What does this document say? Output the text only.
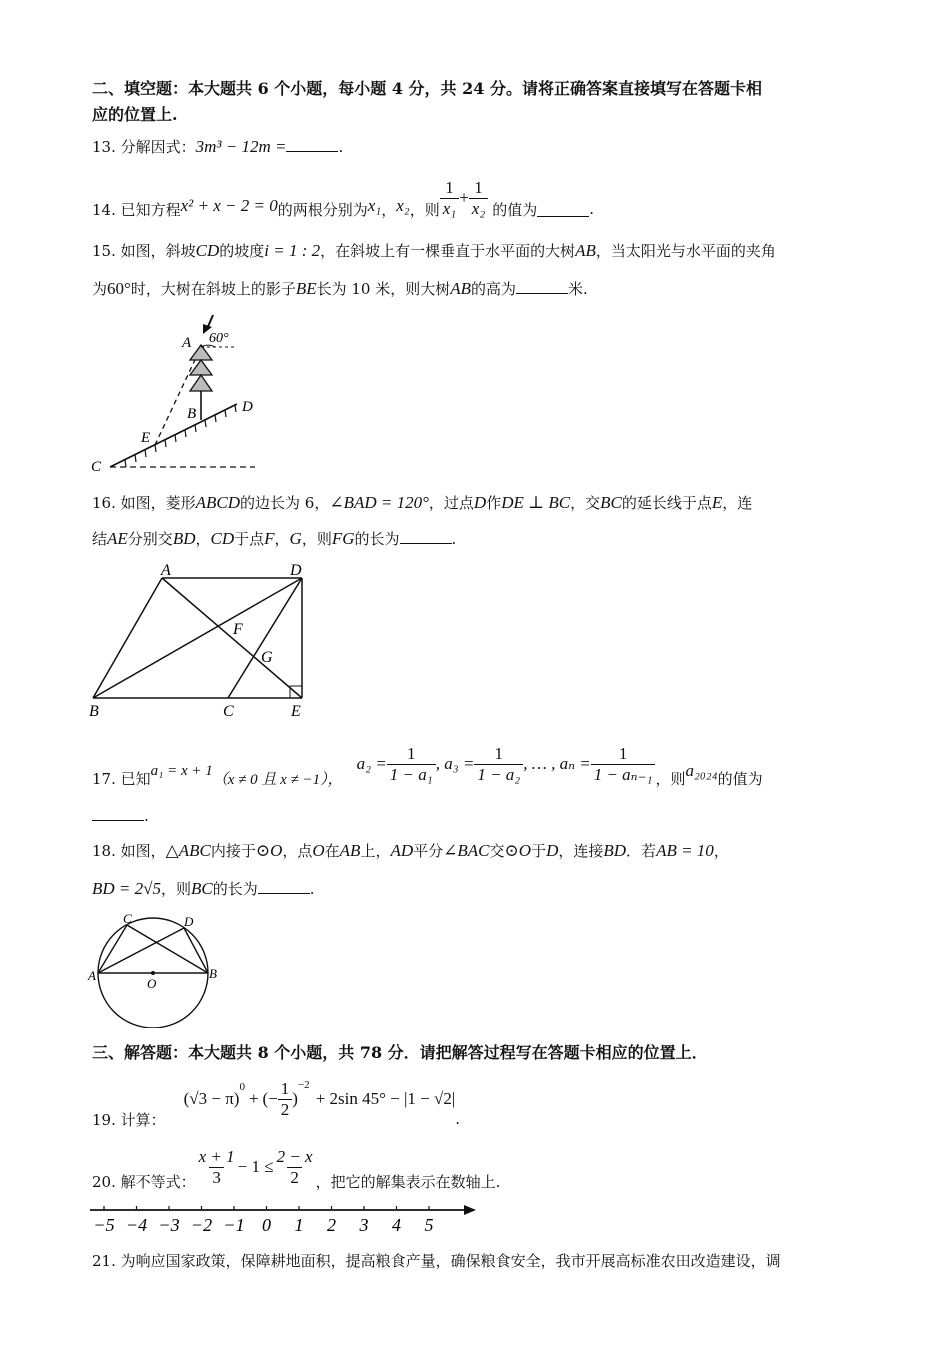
二、填空题：本大题共 6 个小题，每小题 4 分，共 24 分。请将正确答案直接填写在答题卡相
应的位置上.
13. 分解因式：3m³ − 12m =	.
14. 已知方程 x² + x − 2 = 0 的两根分别为 x₁ ， x₂ ，则 $\frac{1}{\text{x₁}} + \frac{1}{\text{x₂}}$ 的值为	.
15. 如图，斜坡CD的坡度i = 1 : 2，在斜坡上有一棵垂直于水平面的大树AB，当太阳光与水平面的夹角
为60°时，大树在斜坡上的影子BE长为 10 米，则大树AB的高为	米.
A 60°
B	D
E
C
16. 如图，菱形ABCD的边长为 6，∠BAD = 120°，过点D作DE ⊥ BC，交BC的延长线于点E，连
结AE分别交BD，CD于点F，G，则FG的长为	.
A	D
B	C	E
F
G
17. 已知 a₁ = x + 1
（x ≠ 0 且 x ≠ −1），
$a_2 = \frac{1}{\text{1 − a₁}}$ , $a_3 = \frac{1}{\text{1 − a₂}}$ , … , $a_n = \frac{1}{\text{1 − aₙ₋₁}}$ ，则 a₂₀₂₄ 的值为
.
18. 如图，△ABC内接于⊙O，点O在AB上，AD平分∠BAC交⊙O于D，连接BD．若AB = 10，
BD = 2√5，则BC的长为	.
C	D
A	B
O
三、解答题：本大题共 8 个小题，共 78 分．请把解答过程写在答题卡相应的位置上．
19. 计算：
(√3 − π)
$^0$
+ (− $\frac{1}{2}$ )
$^{-2}$
+ 2sin 45° − |1 − √2|
.
20. 解不等式： $\frac{x + 1}{3} - 1 \le \frac{2 - x}{2}$ ，把它的解集表示在数轴上.
−5 −4 −3 −2 −1 0 1 2 3 4 5
21. 为响应国家政策，保障耕地面积，提高粮食产量，确保粮食安全，我市开展高标准农田改造建设，调
